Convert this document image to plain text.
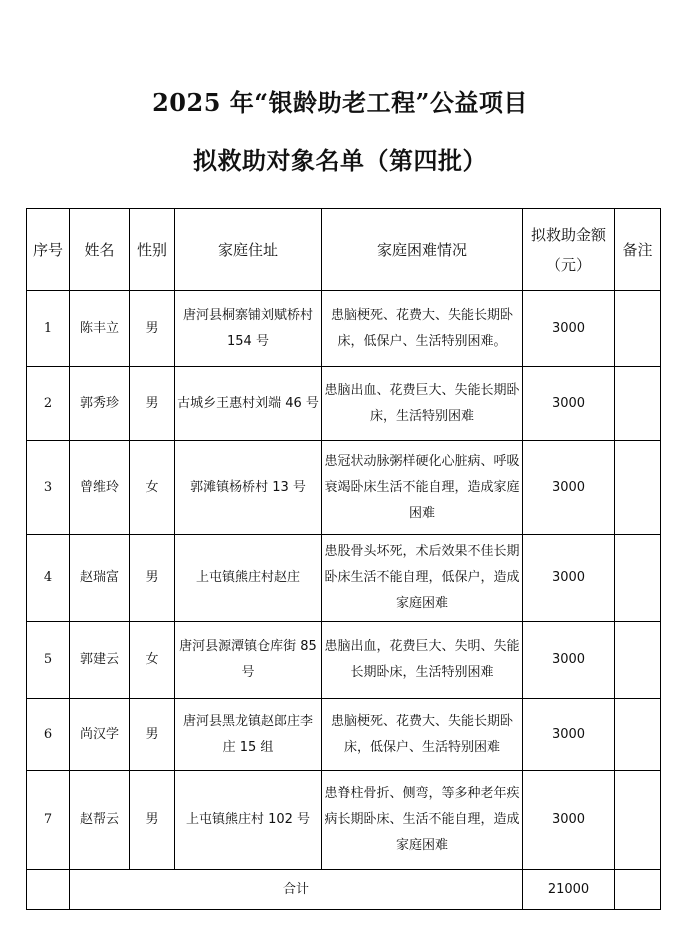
2025 年“银龄助老工程”公益项目
拟救助对象名单（第四批）
序号	姓名	性别	家庭住址	家庭困难情况	拟救助金额（元）	备注
1	陈丰立	男	唐河县桐寨铺刘赋桥村 154 号	患脑梗死、花费大、失能长期卧床，低保户、生活特别困难。	3000	
2	郭秀珍	男	古城乡王惠村刘端 46 号	患脑出血、花费巨大、失能长期卧床，生活特别困难	3000	
3	曾维玲	女	郭滩镇杨桥村 13 号	患冠状动脉粥样硬化心脏病、呼吸衰竭卧床生活不能自理，造成家庭困难	3000	
4	赵瑞富	男	上屯镇熊庄村赵庄	患股骨头坏死，术后效果不佳长期卧床生活不能自理，低保户，造成家庭困难	3000	
5	郭建云	女	唐河县源潭镇仓库街 85 号	患脑出血，花费巨大、失明、失能长期卧床，生活特别困难	3000	
6	尚汉学	男	唐河县黑龙镇赵郎庄李庄 15 组	患脑梗死、花费大、失能长期卧床，低保户、生活特别困难	3000	
7	赵帮云	男	上屯镇熊庄村 102 号	患脊柱骨折、侧弯，等多种老年疾病长期卧床、生活不能自理，造成家庭困难	3000	
	合计				21000	
